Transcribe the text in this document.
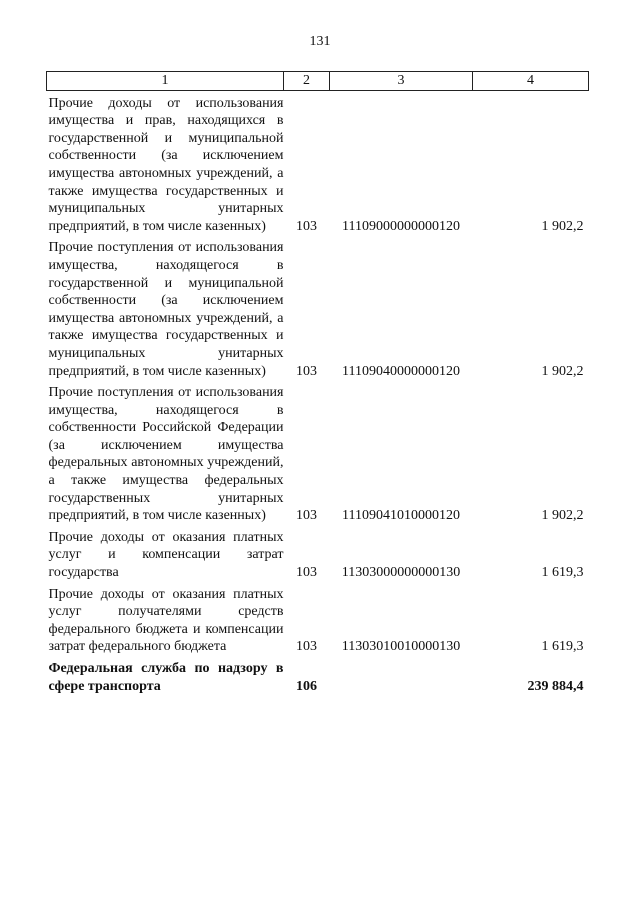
131
1	2	3	4
Прочие доходы от использования имущества и прав, находящихся в государственной и муниципальной собственности (за исключением имущества автономных учреждений, а также имущества государственных и муниципальных унитарных предприятий, в том числе казенных)	103	11109000000000120	1 902,2
Прочие поступления от использования имущества, находящегося в государственной и муниципальной собственности (за исключением имущества автономных учреждений, а также имущества государственных и муниципальных унитарных предприятий, в том числе казенных)	103	11109040000000120	1 902,2
Прочие поступления от использования имущества, находящегося в собственности Российской Федерации (за исключением имущества федеральных автономных учреждений, а также имущества федеральных государственных унитарных предприятий, в том числе казенных)	103	11109041010000120	1 902,2
Прочие доходы от оказания платных услуг и компенсации затрат государства	103	11303000000000130	1 619,3
Прочие доходы от оказания платных услуг получателями средств федерального бюджета и компенсации затрат федерального бюджета	103	11303010010000130	1 619,3
Федеральная служба по надзору в сфере транспорта	106		239 884,4
